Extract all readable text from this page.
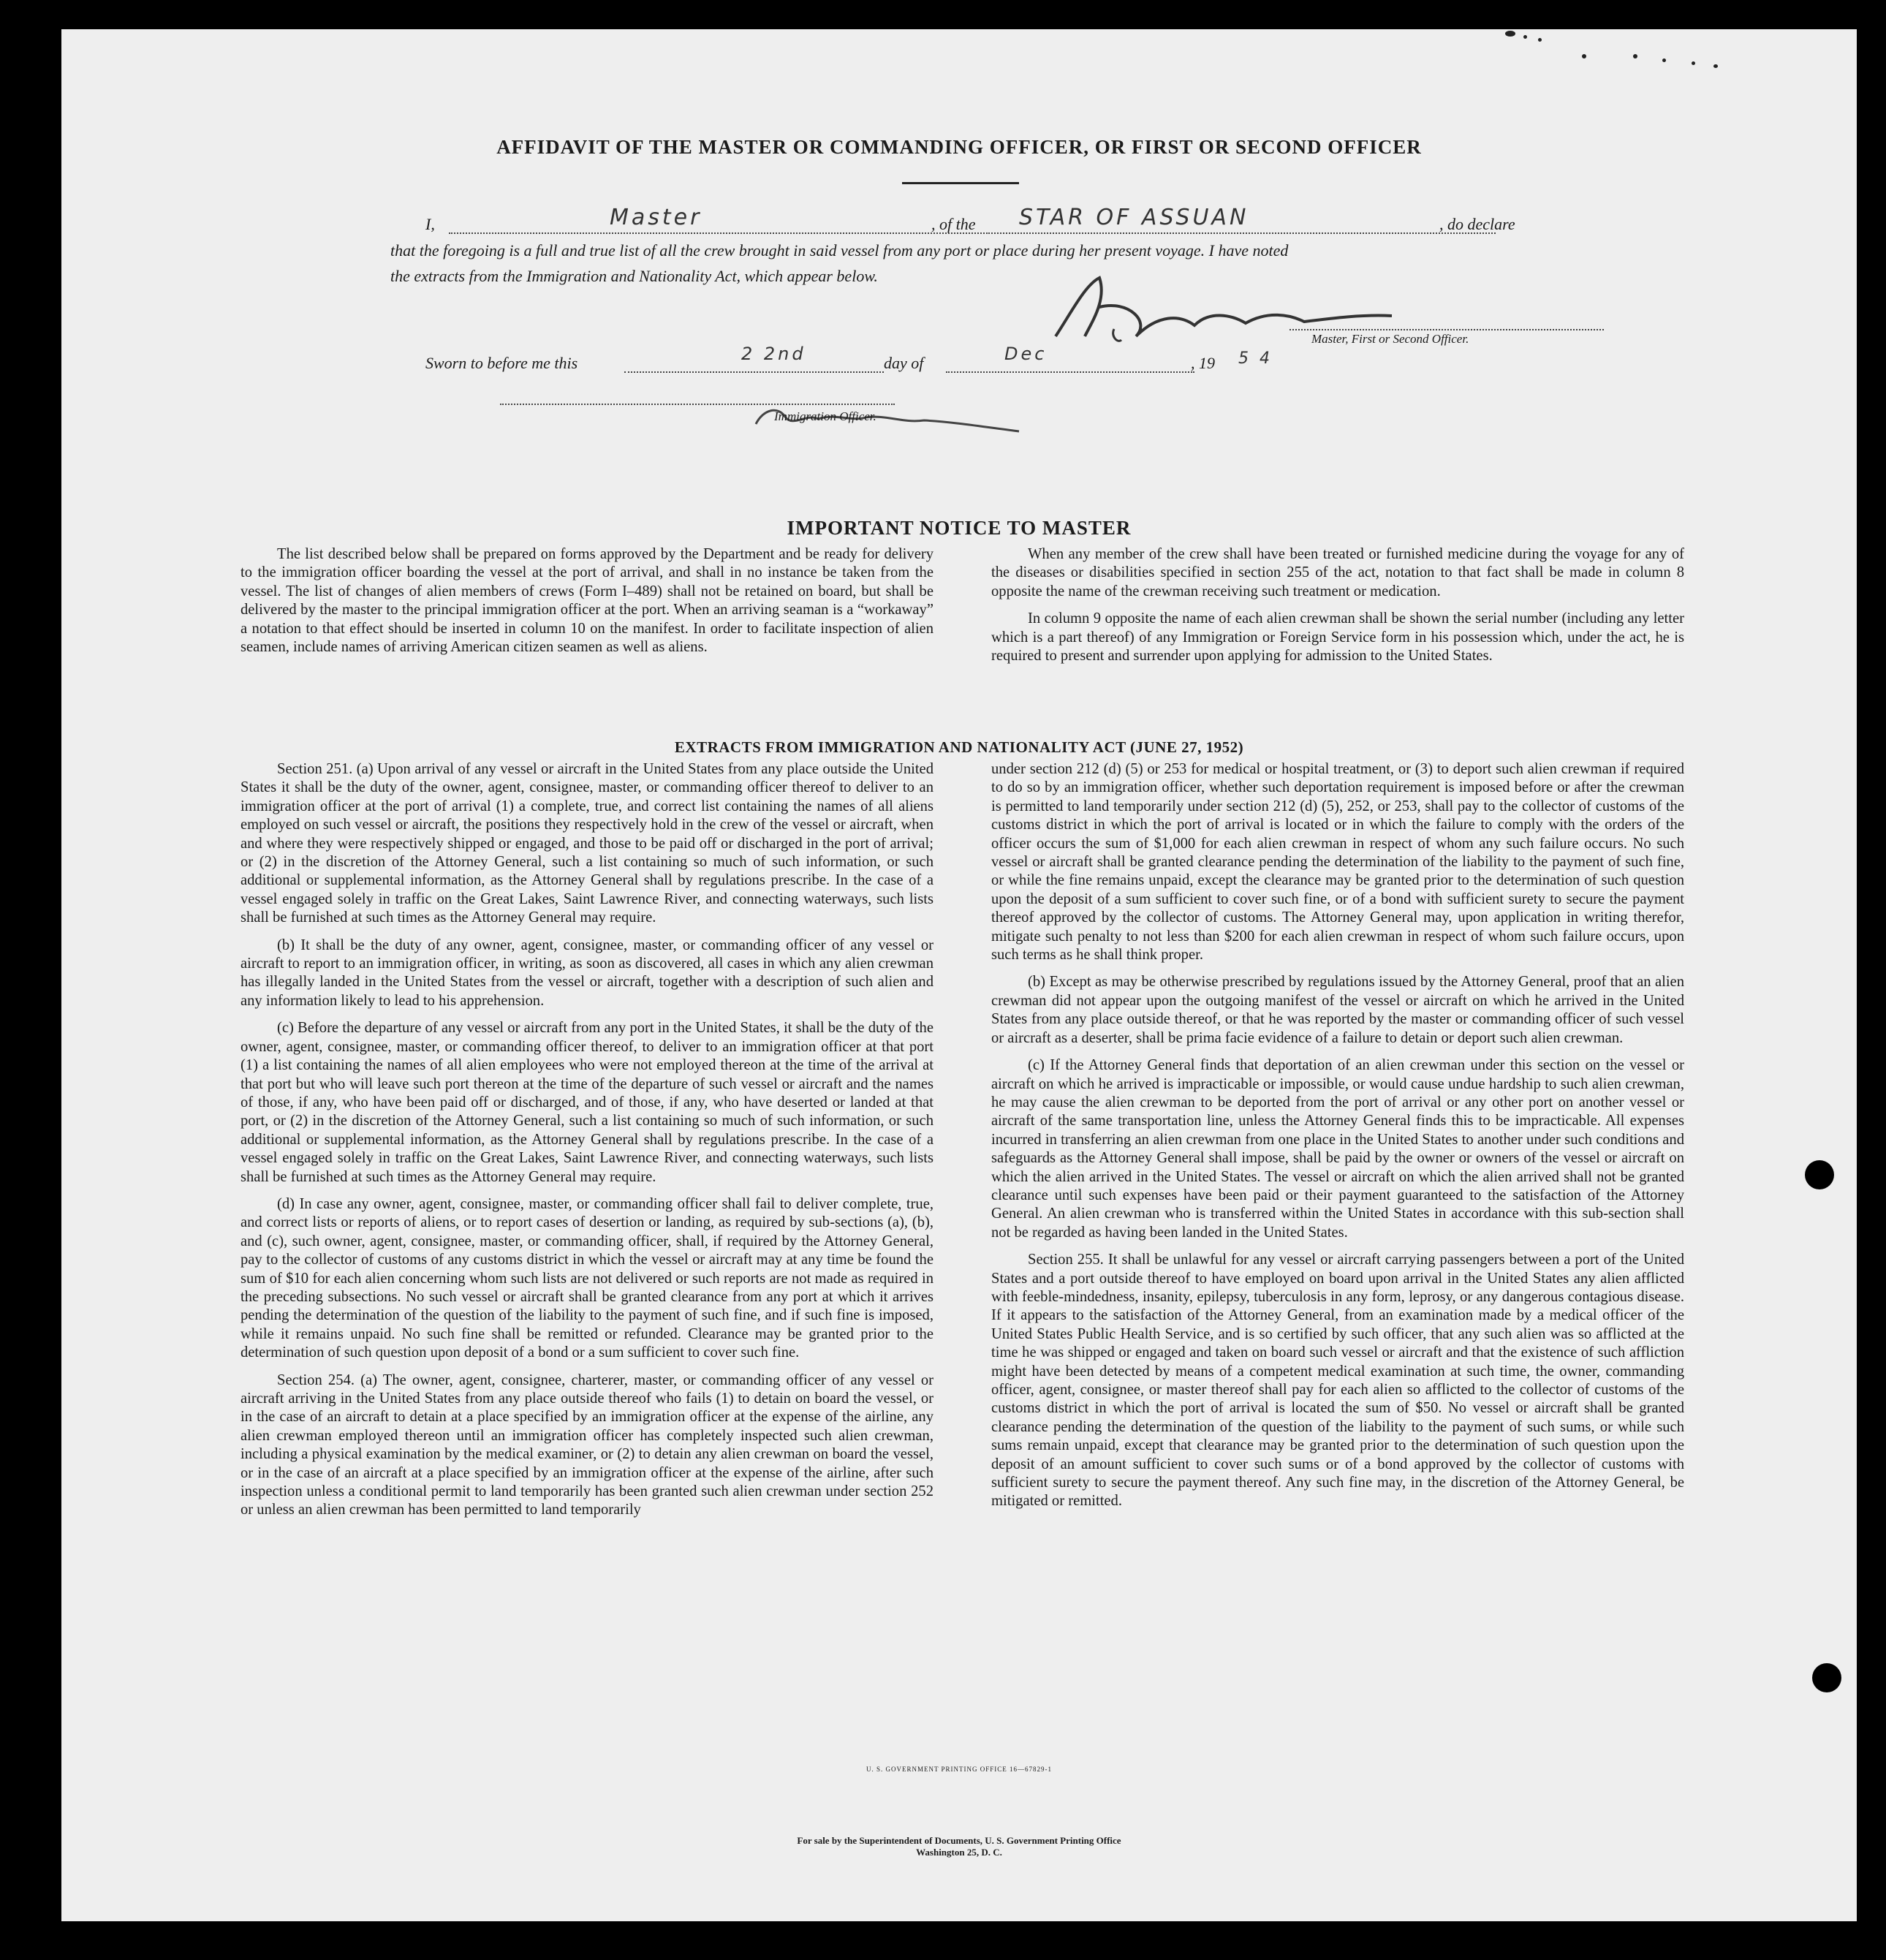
AFFIDAVIT OF THE MASTER OR COMMANDING OFFICER, OR FIRST OR SECOND OFFICER
I,	Master	, of the STAR OF ASSUAN	, do declare
that the foregoing is a full and true list of all the crew brought in said vessel from any port or place during her present voyage. I have noted
the extracts from the Immigration and Nationality Act, which appear below.
Master, First or Second Officer.
Sworn to before me this	2 2nd	day of	Dec	, 19 5 4
Immigration Officer.
IMPORTANT NOTICE TO MASTER

The list described below shall be prepared on forms approved by the Department and be ready for delivery to the immigration officer boarding the vessel at the port of arrival, and shall in no instance be taken from the vessel. The list of changes of alien members of crews (Form I–489) shall not be retained on board, but shall be delivered by the master to the principal immigration officer at the port. When an arriving seaman is a “workaway” a notation to that effect should be inserted in column 10 on the manifest. In order to facilitate inspection of alien seamen, include names of arriving American citizen seamen as well as aliens.

When any member of the crew shall have been treated or furnished medicine during the voyage for any of the diseases or disabilities specified in section 255 of the act, notation to that fact shall be made in column 8 opposite the name of the crewman receiving such treatment or medication.

In column 9 opposite the name of each alien crewman shall be shown the serial number (including any letter which is a part thereof) of any Immigration or Foreign Service form in his possession which, under the act, he is required to present and surrender upon applying for admission to the United States.

EXTRACTS FROM IMMIGRATION AND NATIONALITY ACT (JUNE 27, 1952)

Section 251. (a) Upon arrival of any vessel or aircraft in the United States from any place outside the United States it shall be the duty of the owner, agent, consignee, master, or commanding officer thereof to deliver to an immigration officer at the port of arrival (1) a complete, true, and correct list containing the names of all aliens employed on such vessel or aircraft, the positions they respectively hold in the crew of the vessel or aircraft, when and where they were respectively shipped or engaged, and those to be paid off or discharged in the port of arrival; or (2) in the discretion of the Attorney General, such a list containing so much of such information, or such additional or supplemental information, as the Attorney General shall by regulations prescribe. In the case of a vessel engaged solely in traffic on the Great Lakes, Saint Lawrence River, and connecting waterways, such lists shall be furnished at such times as the Attorney General may require.

(b) It shall be the duty of any owner, agent, consignee, master, or commanding officer of any vessel or aircraft to report to an immigration officer, in writing, as soon as discovered, all cases in which any alien crewman has illegally landed in the United States from the vessel or aircraft, together with a description of such alien and any information likely to lead to his apprehension.

(c) Before the departure of any vessel or aircraft from any port in the United States, it shall be the duty of the owner, agent, consignee, master, or commanding officer thereof, to deliver to an immigration officer at that port (1) a list containing the names of all alien employees who were not employed thereon at the time of the arrival at that port but who will leave such port thereon at the time of the departure of such vessel or aircraft and the names of those, if any, who have been paid off or discharged, and of those, if any, who have deserted or landed at that port, or (2) in the discretion of the Attorney General, such a list containing so much of such information, or such additional or supplemental information, as the Attorney General shall by regulations prescribe. In the case of a vessel engaged solely in traffic on the Great Lakes, Saint Lawrence River, and connecting waterways, such lists shall be furnished at such times as the Attorney General may require.

(d) In case any owner, agent, consignee, master, or commanding officer shall fail to deliver complete, true, and correct lists or reports of aliens, or to report cases of desertion or landing, as required by sub-sections (a), (b), and (c), such owner, agent, consignee, master, or commanding officer, shall, if required by the Attorney General, pay to the collector of customs of any customs district in which the vessel or aircraft may at any time be found the sum of $10 for each alien concerning whom such lists are not delivered or such reports are not made as required in the preceding subsections. No such vessel or aircraft shall be granted clearance from any port at which it arrives pending the determination of the question of the liability to the payment of such fine, and if such fine is imposed, while it remains unpaid. No such fine shall be remitted or refunded. Clearance may be granted prior to the determination of such question upon deposit of a bond or a sum sufficient to cover such fine.

Section 254. (a) The owner, agent, consignee, charterer, master, or commanding officer of any vessel or aircraft arriving in the United States from any place outside thereof who fails (1) to detain on board the vessel, or in the case of an aircraft to detain at a place specified by an immigration officer at the expense of the airline, any alien crewman employed thereon until an immigration officer has completely inspected such alien crewman, including a physical examination by the medical examiner, or (2) to detain any alien crewman on board the vessel, or in the case of an aircraft at a place specified by an immigration officer at the expense of the airline, after such inspection unless a conditional permit to land temporarily has been granted such alien crewman under section 252 or unless an alien crewman has been permitted to land temporarily

under section 212 (d) (5) or 253 for medical or hospital treatment, or (3) to deport such alien crewman if required to do so by an immigration officer, whether such deportation requirement is imposed before or after the crewman is permitted to land temporarily under section 212 (d) (5), 252, or 253, shall pay to the collector of customs of the customs district in which the port of arrival is located or in which the failure to comply with the orders of the officer occurs the sum of $1,000 for each alien crewman in respect of whom any such failure occurs. No such vessel or aircraft shall be granted clearance pending the determination of the liability to the payment of such fine, or while the fine remains unpaid, except the clearance may be granted prior to the determination of such question upon the deposit of a sum sufficient to cover such fine, or of a bond with sufficient surety to secure the payment thereof approved by the collector of customs. The Attorney General may, upon application in writing therefor, mitigate such penalty to not less than $200 for each alien crewman in respect of whom such failure occurs, upon such terms as he shall think proper.

(b) Except as may be otherwise prescribed by regulations issued by the Attorney General, proof that an alien crewman did not appear upon the outgoing manifest of the vessel or aircraft on which he arrived in the United States from any place outside thereof, or that he was reported by the master or commanding officer of such vessel or aircraft as a deserter, shall be prima facie evidence of a failure to detain or deport such alien crewman.

(c) If the Attorney General finds that deportation of an alien crewman under this section on the vessel or aircraft on which he arrived is impracticable or impossible, or would cause undue hardship to such alien crewman, he may cause the alien crewman to be deported from the port of arrival or any other port on another vessel or aircraft of the same transportation line, unless the Attorney General finds this to be impracticable. All expenses incurred in transferring an alien crewman from one place in the United States to another under such conditions and safeguards as the Attorney General shall impose, shall be paid by the owner or owners of the vessel or aircraft on which the alien arrived in the United States. The vessel or aircraft on which the alien arrived shall not be granted clearance until such expenses have been paid or their payment guaranteed to the satisfaction of the Attorney General. An alien crewman who is transferred within the United States in accordance with this sub-section shall not be regarded as having been landed in the United States.

Section 255. It shall be unlawful for any vessel or aircraft carrying passengers between a port of the United States and a port outside thereof to have employed on board upon arrival in the United States any alien afflicted with feeble-mindedness, insanity, epilepsy, tuberculosis in any form, leprosy, or any dangerous contagious disease. If it appears to the satisfaction of the Attorney General, from an examination made by a medical officer of the United States Public Health Service, and is so certified by such officer, that any such alien was so afflicted at the time he was shipped or engaged and taken on board such vessel or aircraft and that the existence of such affliction might have been detected by means of a competent medical examination at such time, the owner, commanding officer, agent, consignee, or master thereof shall pay for each alien so afflicted to the collector of customs of the customs district in which the port of arrival is located the sum of $50. No vessel or aircraft shall be granted clearance pending the determination of the question of the liability to the payment of such sums, or while such sums remain unpaid, except that clearance may be granted prior to the determination of such question upon the deposit of an amount sufficient to cover such sums or of a bond approved by the collector of customs with sufficient surety to secure the payment thereof. Any such fine may, in the discretion of the Attorney General, be mitigated or remitted.

U. S. GOVERNMENT PRINTING OFFICE 16—67829-1
For sale by the Superintendent of Documents, U. S. Government Printing Office
Washington 25, D. C.
